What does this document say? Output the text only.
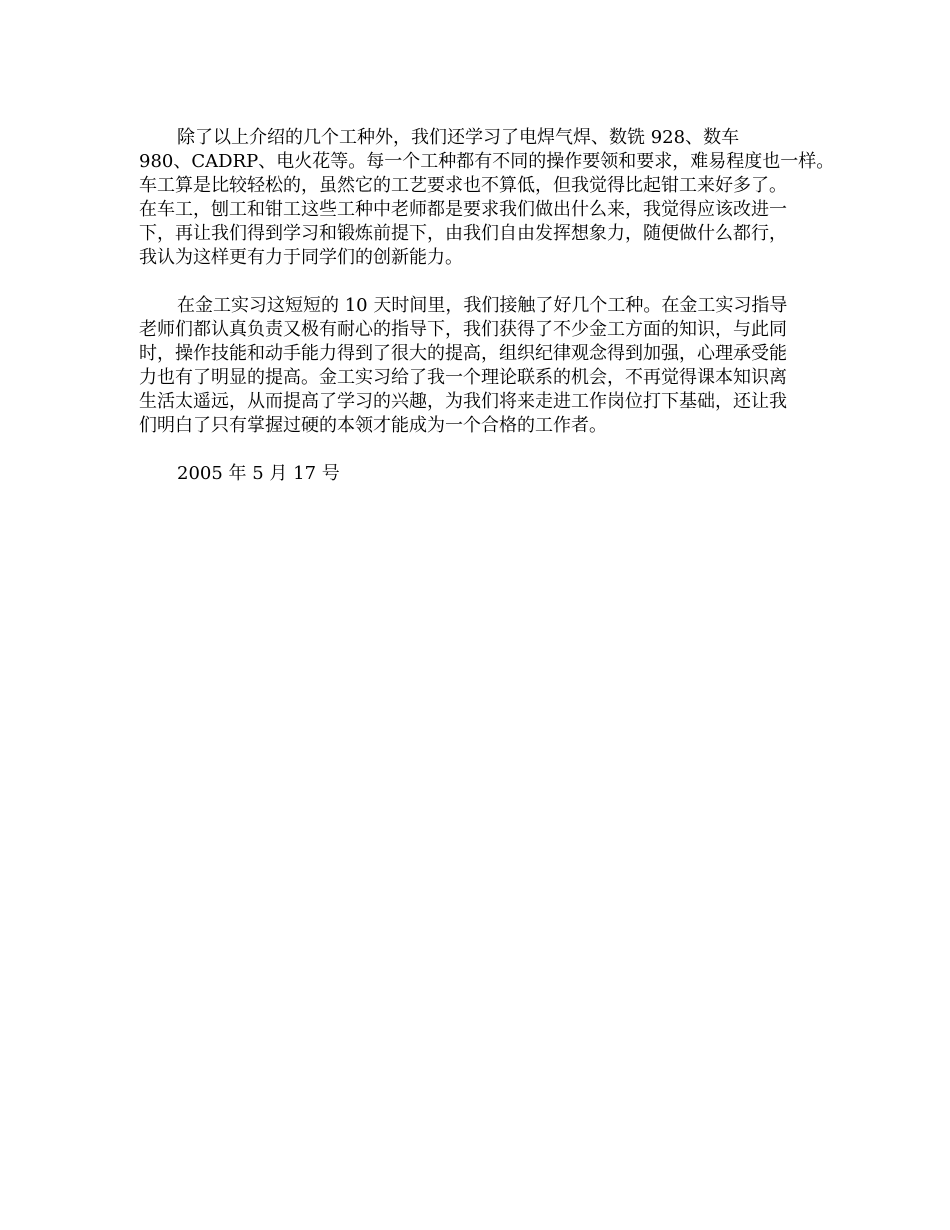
除了以上介绍的几个工种外，我们还学习了电焊气焊、数铣 928、数车
980、CADRP、电火花等。每一个工种都有不同的操作要领和要求，难易程度也一样。
车工算是比较轻松的，虽然它的工艺要求也不算低，但我觉得比起钳工来好多了。
在车工，刨工和钳工这些工种中老师都是要求我们做出什么来，我觉得应该改进一
下，再让我们得到学习和锻炼前提下，由我们自由发挥想象力，随便做什么都行，
我认为这样更有力于同学们的创新能力。
在金工实习这短短的 10 天时间里，我们接触了好几个工种。在金工实习指导
老师们都认真负责又极有耐心的指导下，我们获得了不少金工方面的知识，与此同
时，操作技能和动手能力得到了很大的提高，组织纪律观念得到加强，心理承受能
力也有了明显的提高。金工实习给了我一个理论联系的机会，不再觉得课本知识离
生活太遥远，从而提高了学习的兴趣，为我们将来走进工作岗位打下基础，还让我
们明白了只有掌握过硬的本领才能成为一个合格的工作者。
2005 年 5 月 17 号
